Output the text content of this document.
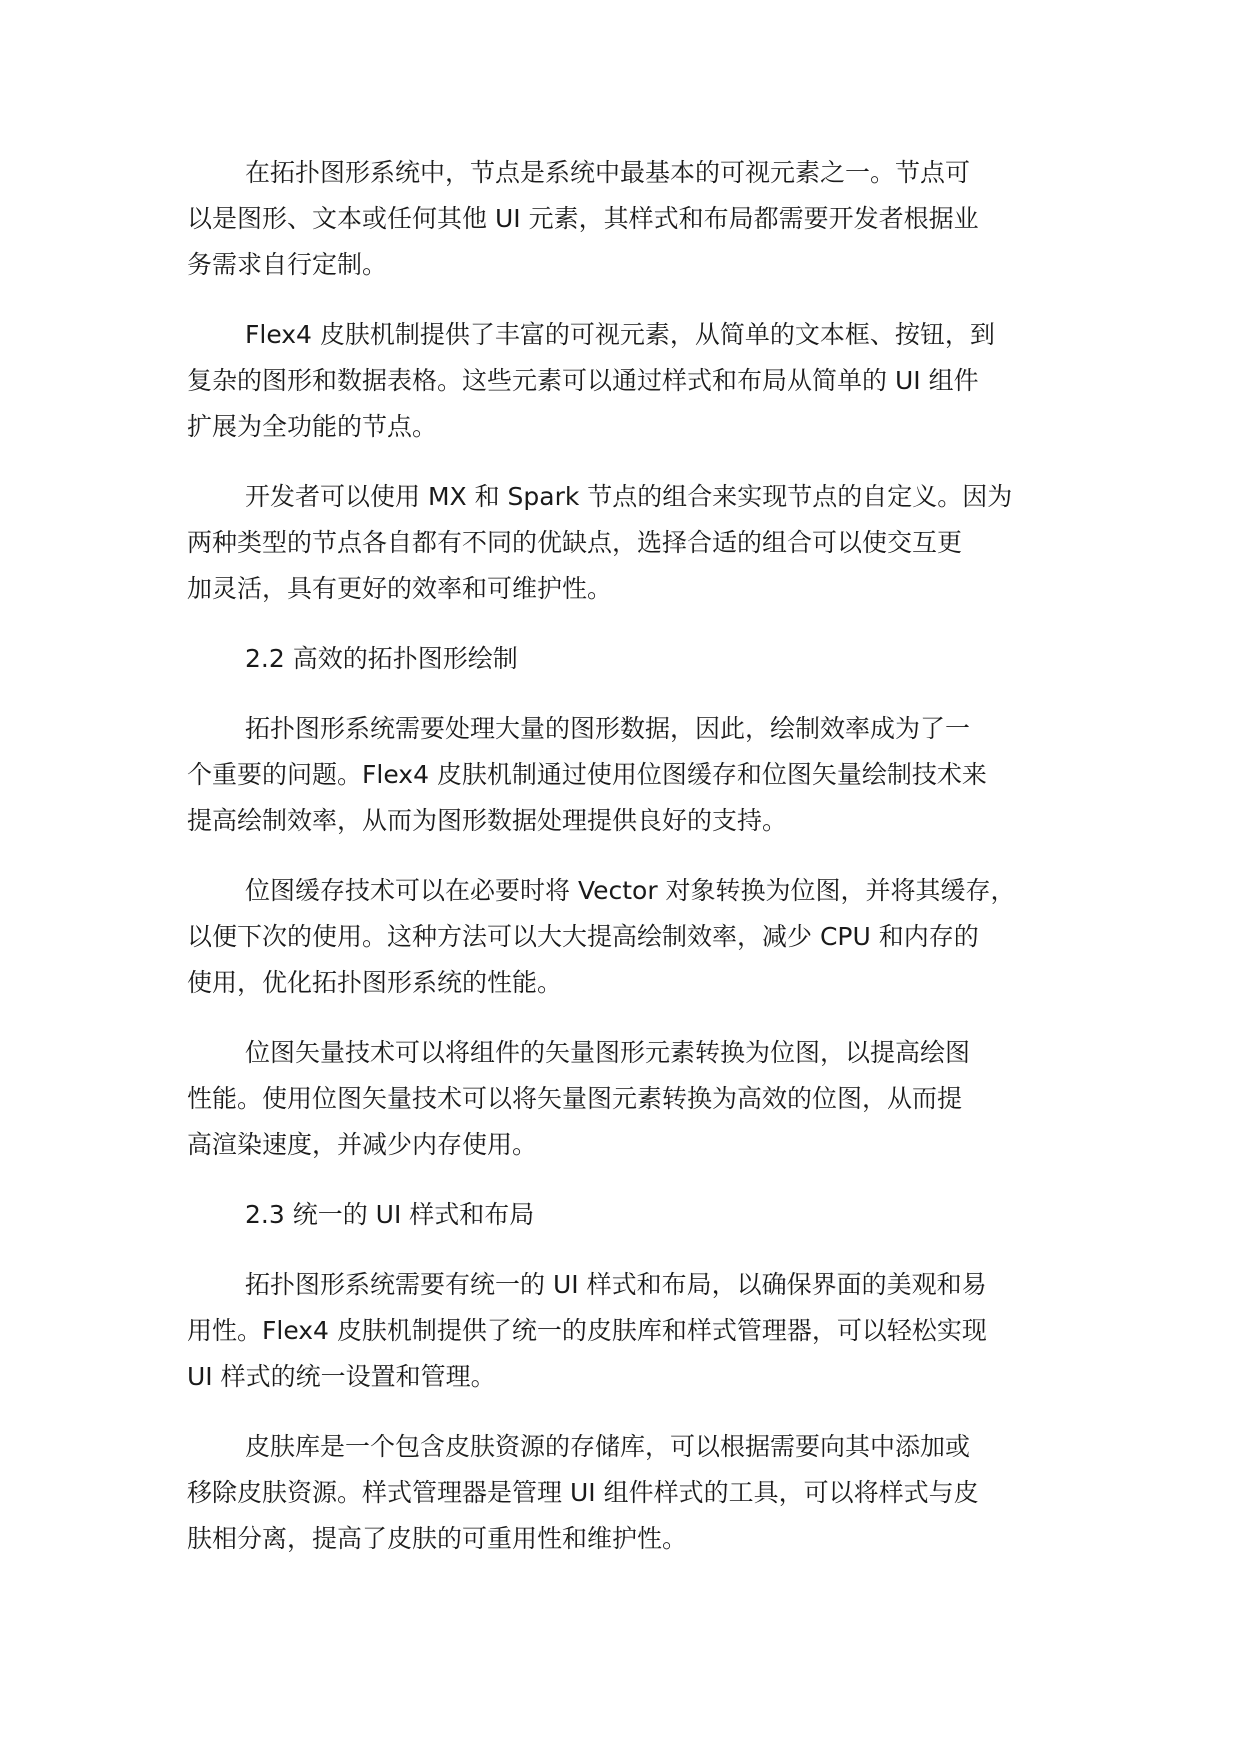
在拓扑图形系统中，节点是系统中最基本的可视元素之一。节点可
以是图形、文本或任何其他 UI 元素，其样式和布局都需要开发者根据业
务需求自行定制。
Flex4 皮肤机制提供了丰富的可视元素，从简单的文本框、按钮，到
复杂的图形和数据表格。这些元素可以通过样式和布局从简单的 UI 组件
扩展为全功能的节点。
开发者可以使用 MX 和 Spark 节点的组合来实现节点的自定义。因为
两种类型的节点各自都有不同的优缺点，选择合适的组合可以使交互更
加灵活，具有更好的效率和可维护性。
2.2 高效的拓扑图形绘制
拓扑图形系统需要处理大量的图形数据，因此，绘制效率成为了一
个重要的问题。Flex4 皮肤机制通过使用位图缓存和位图矢量绘制技术来
提高绘制效率，从而为图形数据处理提供良好的支持。
位图缓存技术可以在必要时将 Vector 对象转换为位图，并将其缓存，
以便下次的使用。这种方法可以大大提高绘制效率，减少 CPU 和内存的
使用，优化拓扑图形系统的性能。
位图矢量技术可以将组件的矢量图形元素转换为位图，以提高绘图
性能。使用位图矢量技术可以将矢量图元素转换为高效的位图，从而提
高渲染速度，并减少内存使用。
2.3 统一的 UI 样式和布局
拓扑图形系统需要有统一的 UI 样式和布局，以确保界面的美观和易
用性。Flex4 皮肤机制提供了统一的皮肤库和样式管理器，可以轻松实现
UI 样式的统一设置和管理。
皮肤库是一个包含皮肤资源的存储库，可以根据需要向其中添加或
移除皮肤资源。样式管理器是管理 UI 组件样式的工具，可以将样式与皮
肤相分离，提高了皮肤的可重用性和维护性。
